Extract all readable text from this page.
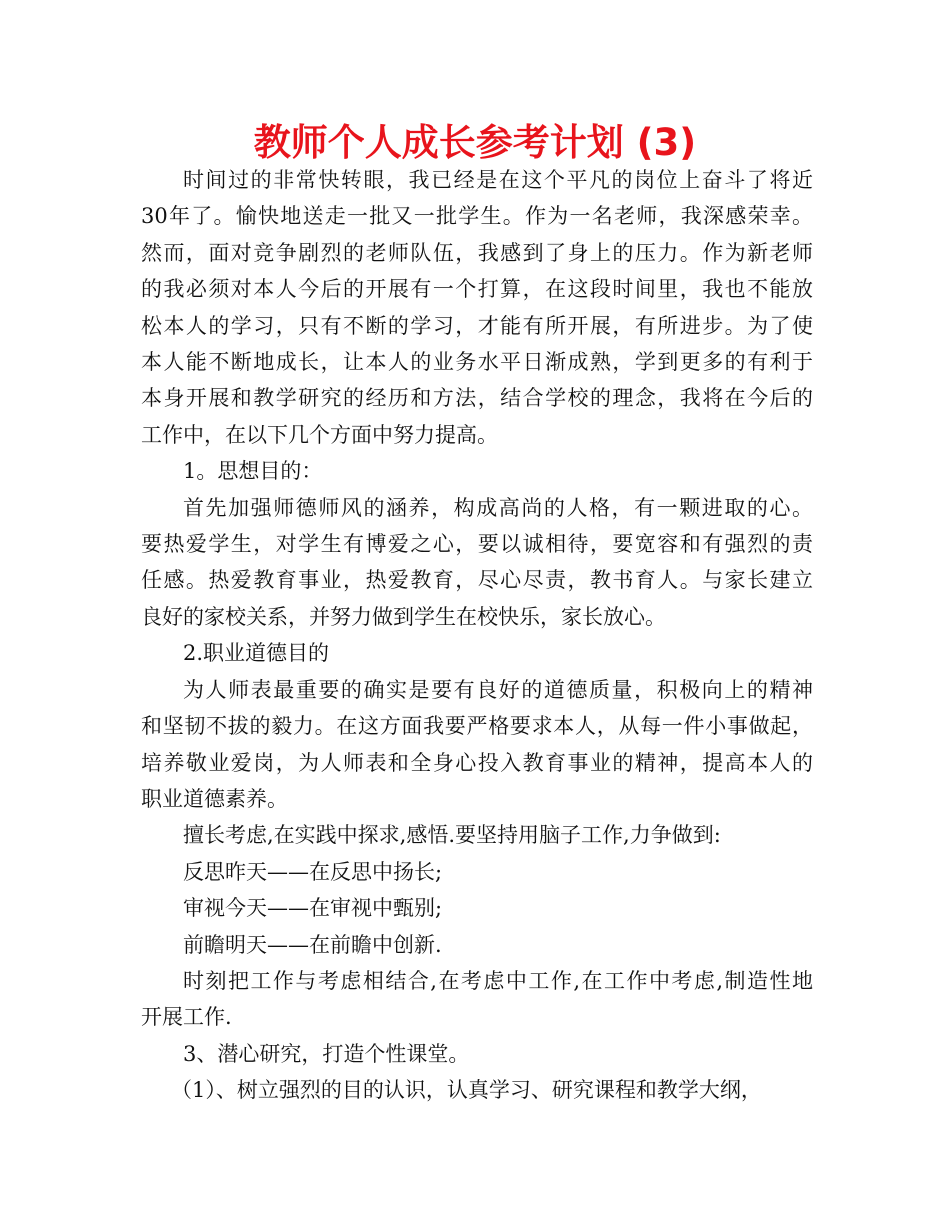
教师个人成长参考计划 (3)
时间过的非常快转眼，我已经是在这个平凡的岗位上奋斗了将近
30年了。愉快地送走一批又一批学生。作为一名老师，我深感荣幸。
然而，面对竞争剧烈的老师队伍，我感到了身上的压力。作为新老师
的我必须对本人今后的开展有一个打算，在这段时间里，我也不能放
松本人的学习，只有不断的学习，才能有所开展，有所进步。为了使
本人能不断地成长，让本人的业务水平日渐成熟，学到更多的有利于
本身开展和教学研究的经历和方法，结合学校的理念，我将在今后的
工作中，在以下几个方面中努力提高。
1。思想目的：
首先加强师德师风的涵养，构成高尚的人格，有一颗进取的心。
要热爱学生，对学生有博爱之心，要以诚相待，要宽容和有强烈的责
任感。热爱教育事业，热爱教育，尽心尽责，教书育人。与家长建立
良好的家校关系，并努力做到学生在校快乐，家长放心。
2.职业道德目的
为人师表最重要的确实是要有良好的道德质量，积极向上的精神
和坚韧不拔的毅力。在这方面我要严格要求本人，从每一件小事做起，
培养敬业爱岗，为人师表和全身心投入教育事业的精神，提高本人的
职业道德素养。
擅长考虑,在实践中探求,感悟.要坚持用脑子工作,力争做到:
反思昨天——在反思中扬长;
审视今天——在审视中甄别;
前瞻明天——在前瞻中创新.
时刻把工作与考虑相结合,在考虑中工作,在工作中考虑,制造性地
开展工作.
3、潜心研究，打造个性课堂。
（1）、树立强烈的目的认识，认真学习、研究课程和教学大纲，
